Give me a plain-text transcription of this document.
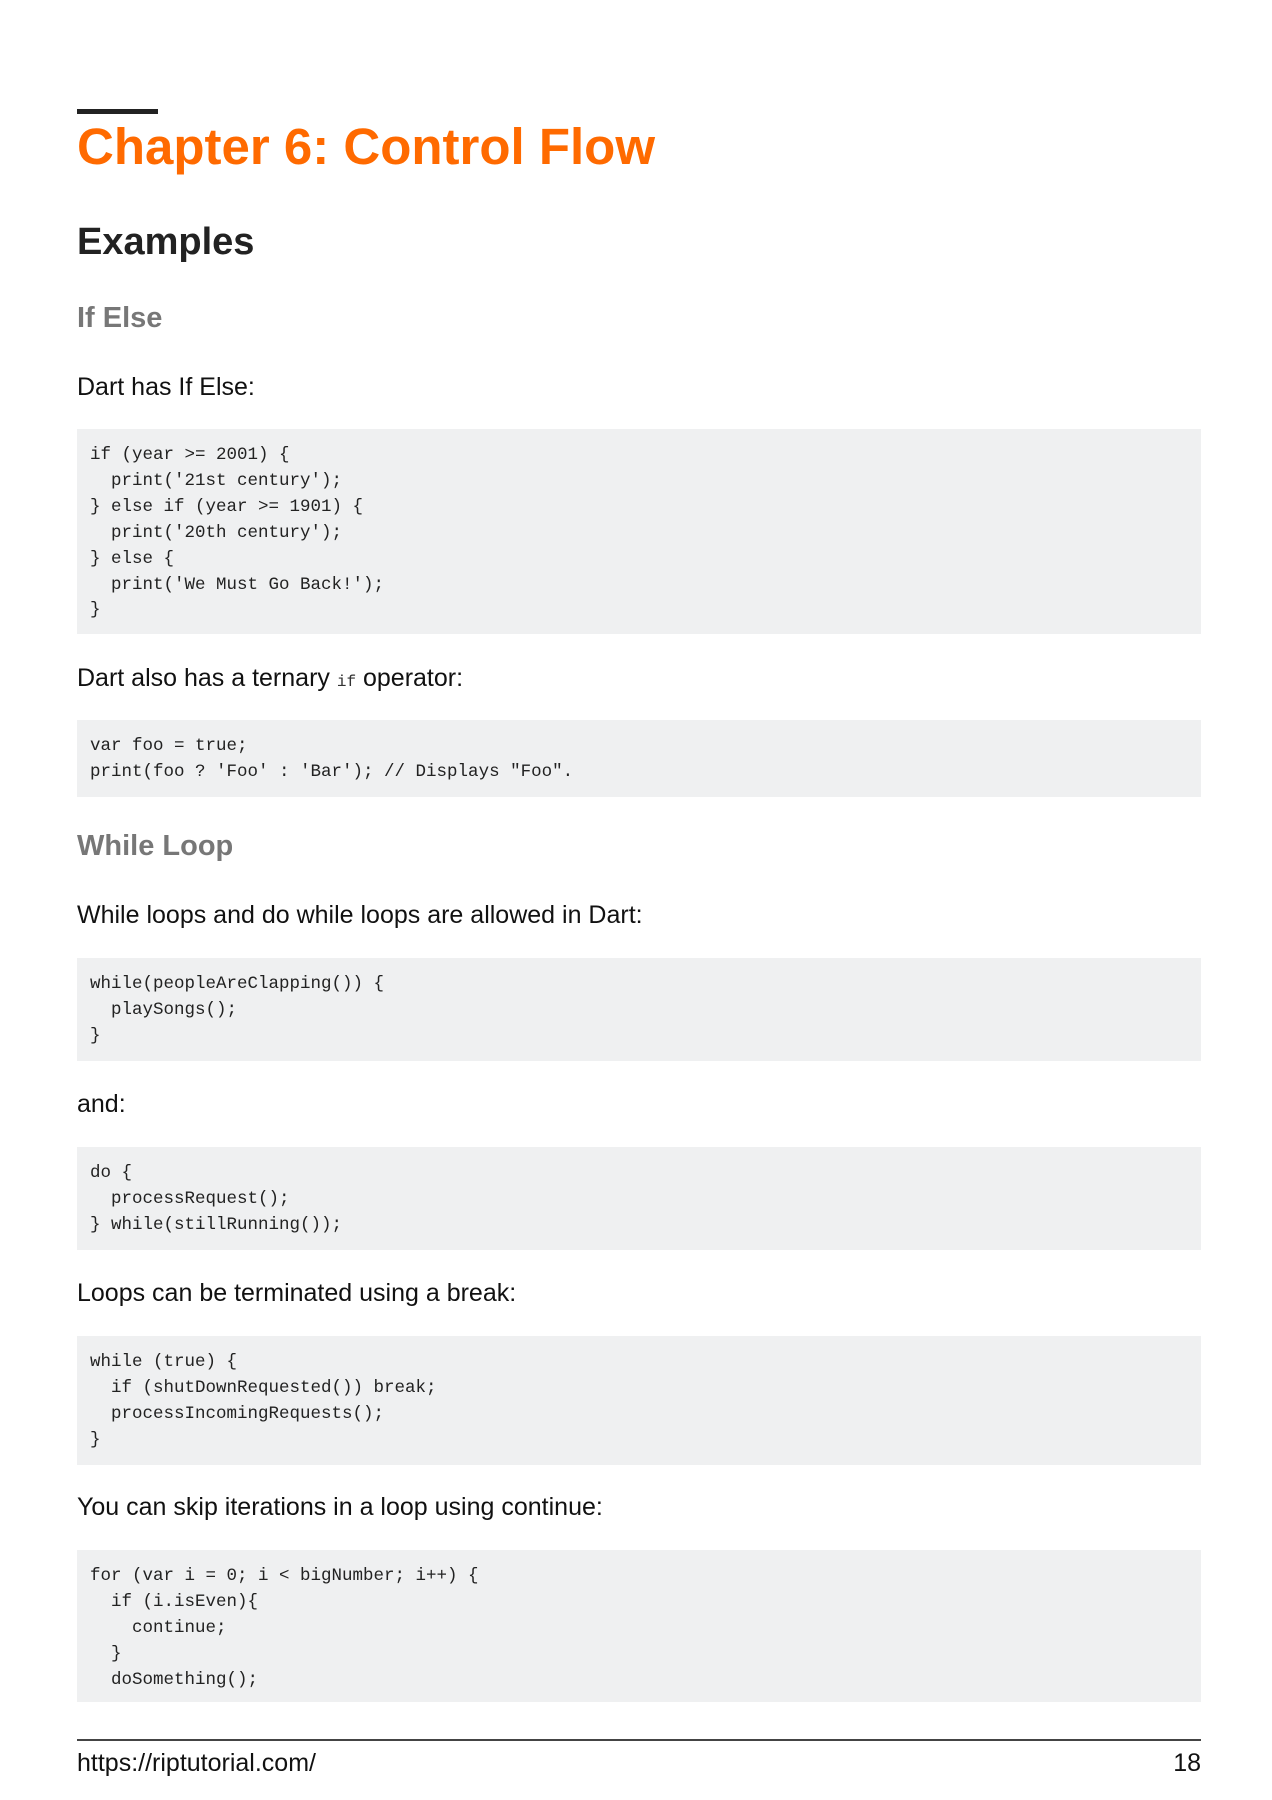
Chapter 6: Control Flow
Examples
If Else

Dart has If Else:

if (year >= 2001) {
print('21st century');
} else if (year >= 1901) {
print('20th century');
} else {
print('We Must Go Back!');
}

Dart also has a ternary if operator:

var foo = true;
print(foo ? 'Foo' : 'Bar'); // Displays "Foo".
While Loop

While loops and do while loops are allowed in Dart:

while(peopleAreClapping()) {
playSongs();
}

and:

do {
processRequest();
} while(stillRunning());

Loops can be terminated using a break:

while (true) {
if (shutDownRequested()) break;
processIncomingRequests();
}

You can skip iterations in a loop using continue:

for (var i = 0; i < bigNumber; i++) {
if (i.isEven){
continue;
}
doSomething();
https://riptutorial.com/	18
